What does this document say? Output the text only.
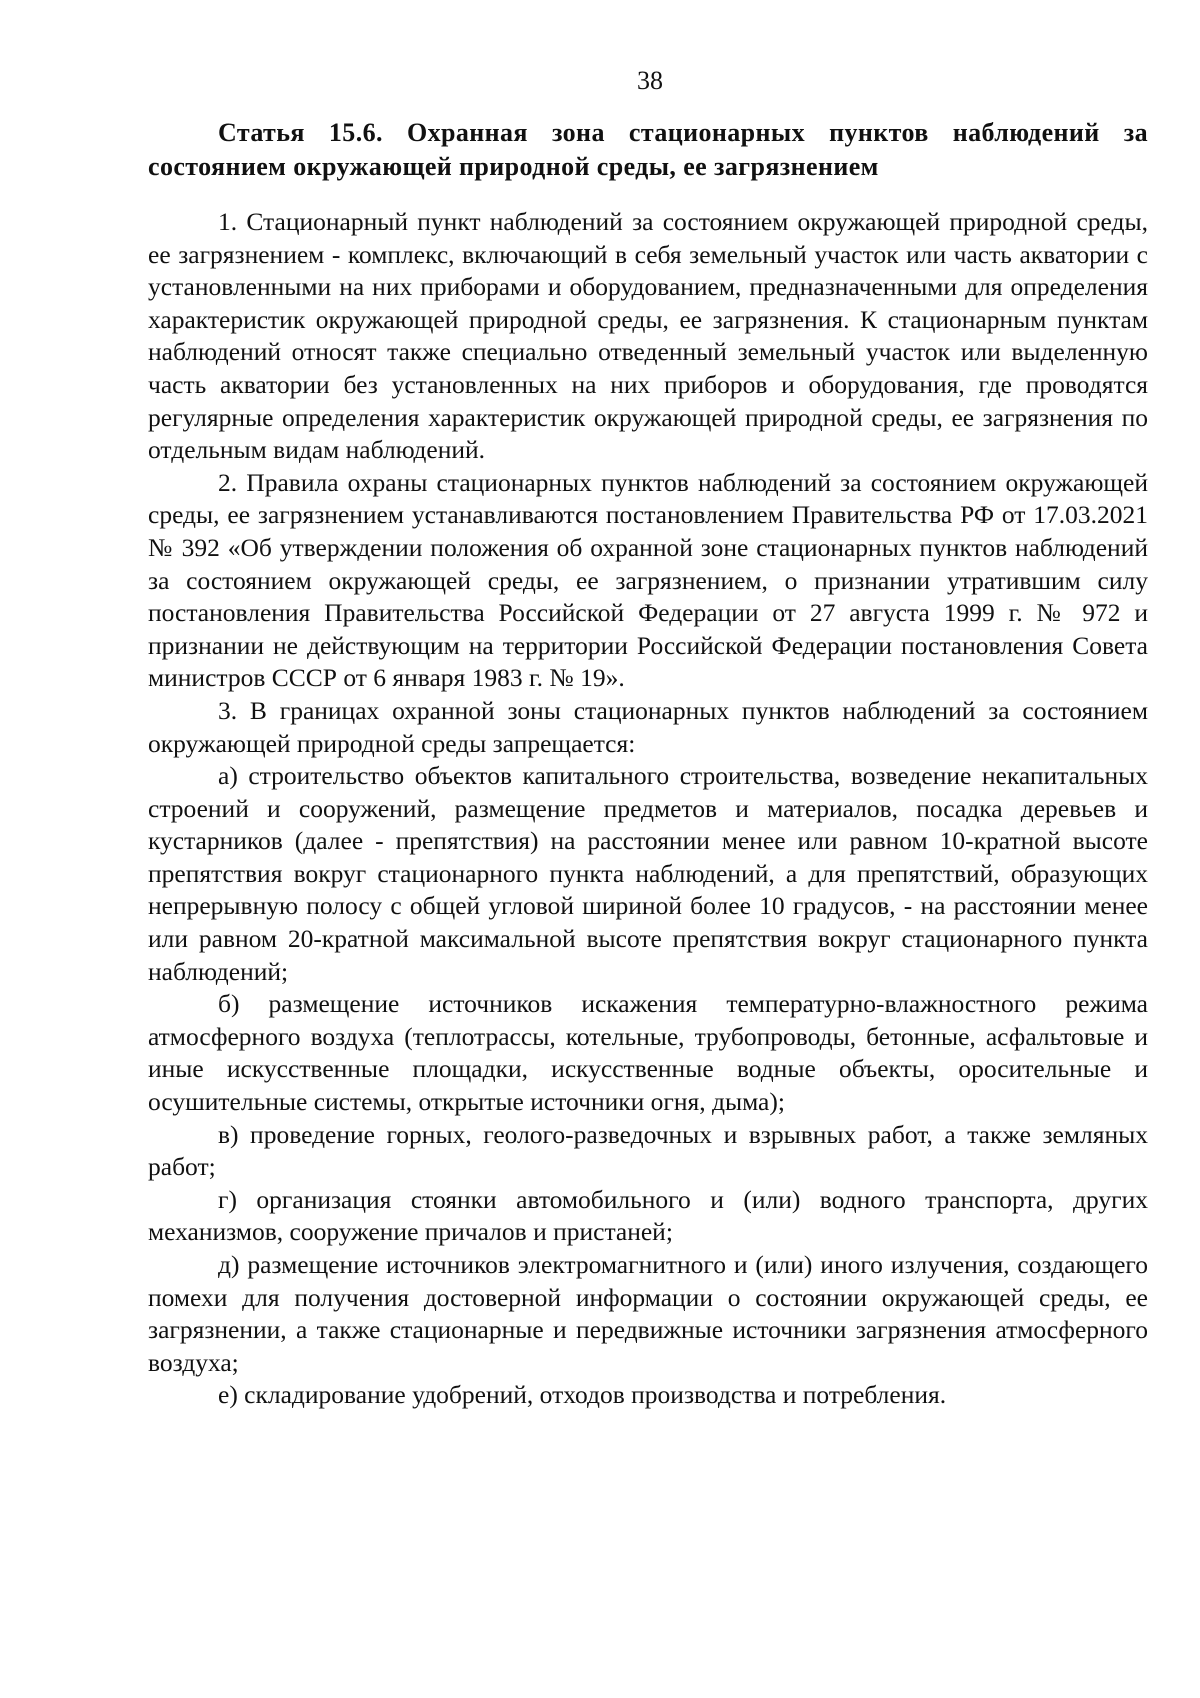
38
Статья 15.6. Охранная зона стационарных пунктов наблюдений за состоянием окружающей природной среды, ее загрязнением

1. Стационарный пункт наблюдений за состоянием окружающей природной среды, ее загрязнением - комплекс, включающий в себя земельный участок или часть акватории с установленными на них приборами и оборудованием, предназначенными для определения характеристик окружающей природной среды, ее загрязнения. К стационарным пунктам наблюдений относят также специально отведенный земельный участок или выделенную часть акватории без установленных на них приборов и оборудования, где проводятся регулярные определения характеристик окружающей природной среды, ее загрязнения по отдельным видам наблюдений.

2. Правила охраны стационарных пунктов наблюдений за состоянием окружающей среды, ее загрязнением устанавливаются постановлением Правительства РФ от 17.03.2021 № 392 «Об утверждении положения об охранной зоне стационарных пунктов наблюдений за состоянием окружающей среды, ее загрязнением, о признании утратившим силу постановления Правительства Российской Федерации от 27 августа 1999 г. № 972 и признании не действующим на территории Российской Федерации постановления Совета министров СССР от 6 января 1983 г. № 19».

3. В границах охранной зоны стационарных пунктов наблюдений за состоянием окружающей природной среды запрещается:

а) строительство объектов капитального строительства, возведение некапитальных строений и сооружений, размещение предметов и материалов, посадка деревьев и кустарников (далее - препятствия) на расстоянии менее или равном 10-кратной высоте препятствия вокруг стационарного пункта наблюдений, а для препятствий, образующих непрерывную полосу с общей угловой шириной более 10 градусов, - на расстоянии менее или равном 20-кратной максимальной высоте препятствия вокруг стационарного пункта наблюдений;

б) размещение источников искажения температурно-влажностного режима атмосферного воздуха (теплотрассы, котельные, трубопроводы, бетонные, асфальтовые и иные искусственные площадки, искусственные водные объекты, оросительные и осушительные системы, открытые источники огня, дыма);

в) проведение горных, геолого-разведочных и взрывных работ, а также земляных работ;

г) организация стоянки автомобильного и (или) водного транспорта, других механизмов, сооружение причалов и пристаней;

д) размещение источников электромагнитного и (или) иного излучения, создающего помехи для получения достоверной информации о состоянии окружающей среды, ее загрязнении, а также стационарные и передвижные источники загрязнения атмосферного воздуха;

е) складирование удобрений, отходов производства и потребления.
